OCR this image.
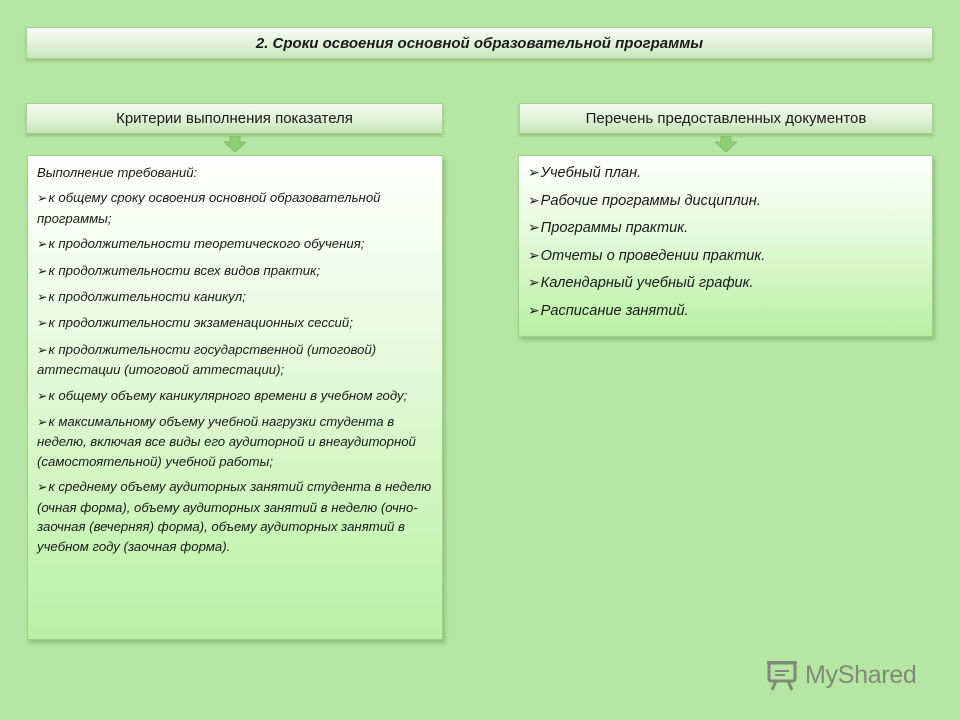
2. Сроки освоения основной образовательной программы
Критерии выполнения показателя	Перечень предоставленных документов
Выполнение требований:
➢к общему сроку освоения основной образовательной программы;
➢к продолжительности теоретического обучения;
➢к продолжительности всех видов практик;
➢к продолжительности каникул;
➢к продолжительности экзаменационных сессий;
➢к продолжительности государственной (итоговой) аттестации (итоговой аттестации);
➢к общему объему каникулярного времени в учебном году;
➢к максимальному объему учебной нагрузки студента в неделю, включая все виды его аудиторной и внеаудиторной (самостоятельной) учебной работы;
➢к среднему объему аудиторных занятий студента в неделю (очная форма), объему аудиторных занятий в неделю (очно-заочная (вечерняя) форма), объему аудиторных занятий в учебном году (заочная форма).
➢Учебный план.
➢Рабочие программы дисциплин.
➢Программы практик.
➢Отчеты о проведении практик.
➢Календарный учебный график.
➢Расписание занятий.
MyShared
